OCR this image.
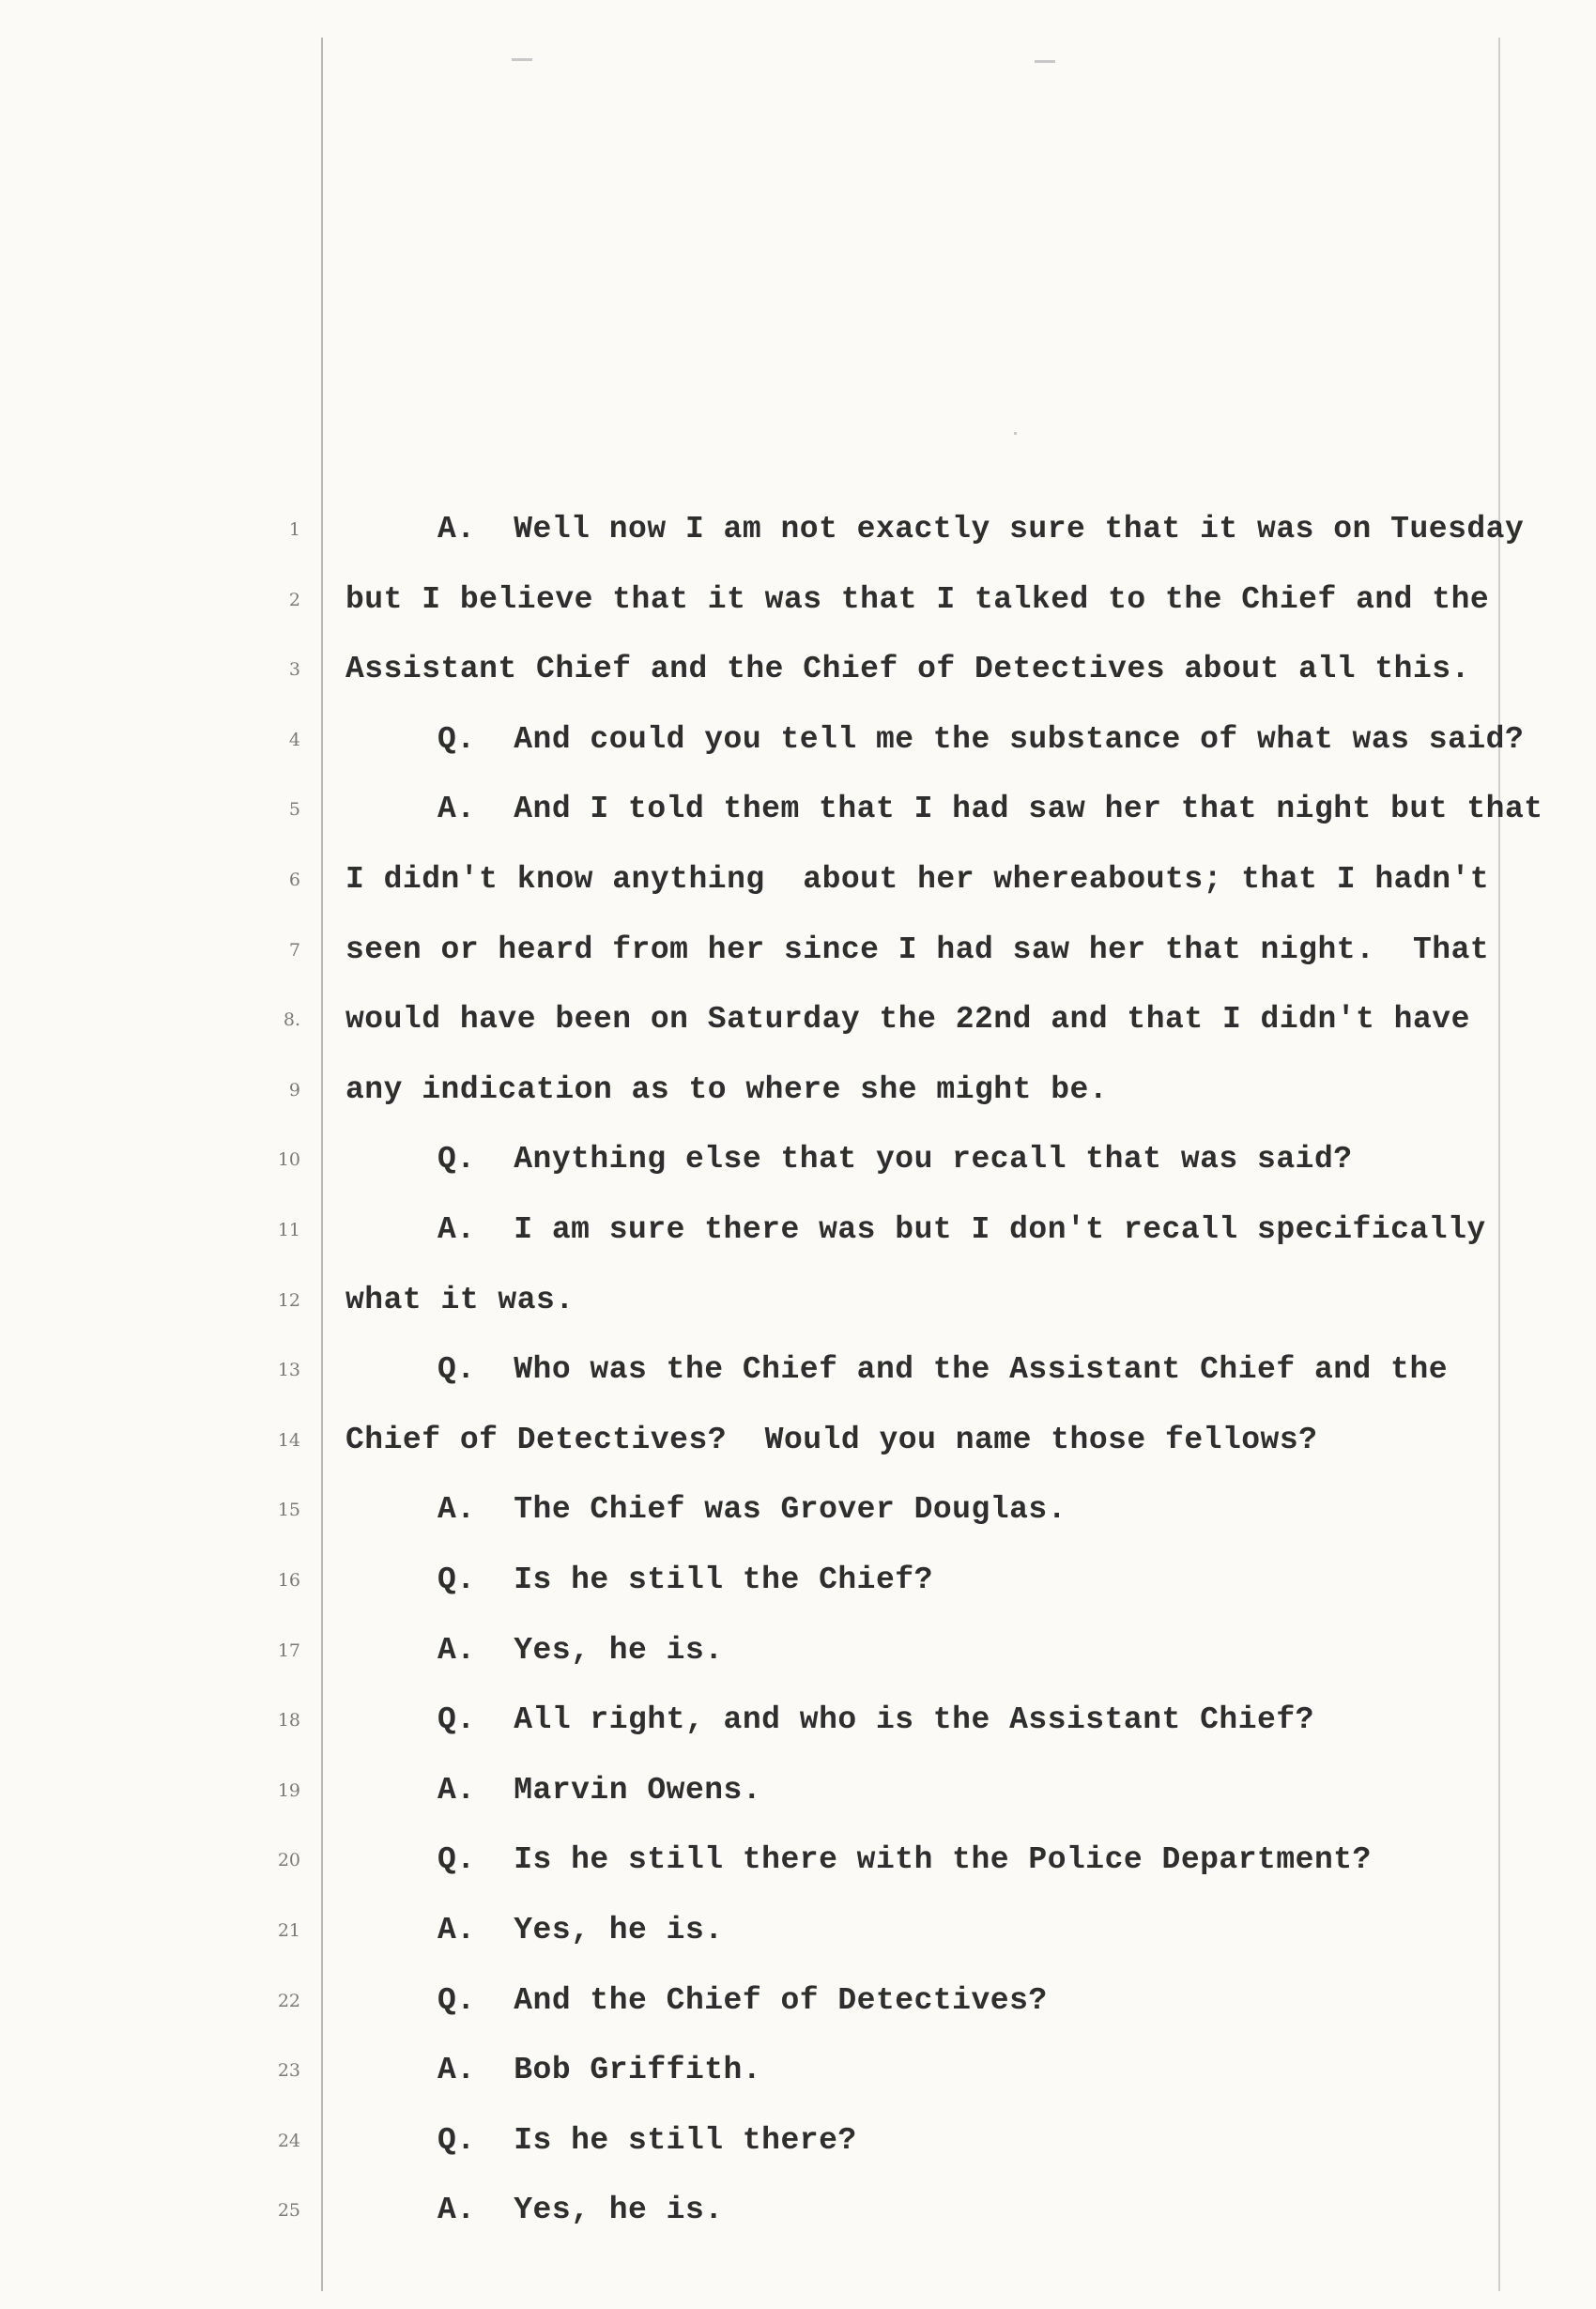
1	A.  Well now I am not exactly sure that it was on Tuesday
2 but I believe that it was that I talked to the Chief and the
3 Assistant Chief and the Chief of Detectives about all this.
4	Q.  And could you tell me the substance of what was said?
5	A.  And I told them that I had saw her that night but that
6 I didn't know anything  about her whereabouts; that I hadn't
7 seen or heard from her since I had saw her that night.  That
8. would have been on Saturday the 22nd and that I didn't have
9 any indication as to where she might be.
10	Q.  Anything else that you recall that was said?
11	A.  I am sure there was but I don't recall specifically
12 what it was.
13	Q.  Who was the Chief and the Assistant Chief and the
14 Chief of Detectives?  Would you name those fellows?
15	A.  The Chief was Grover Douglas.
16	Q.  Is he still the Chief?
17	A.  Yes, he is.
18	Q.  All right, and who is the Assistant Chief?
19	A.  Marvin Owens.
20	Q.  Is he still there with the Police Department?
21	A.  Yes, he is.
22	Q.  And the Chief of Detectives?
23	A.  Bob Griffith.
24	Q.  Is he still there?
25	A.  Yes, he is.
